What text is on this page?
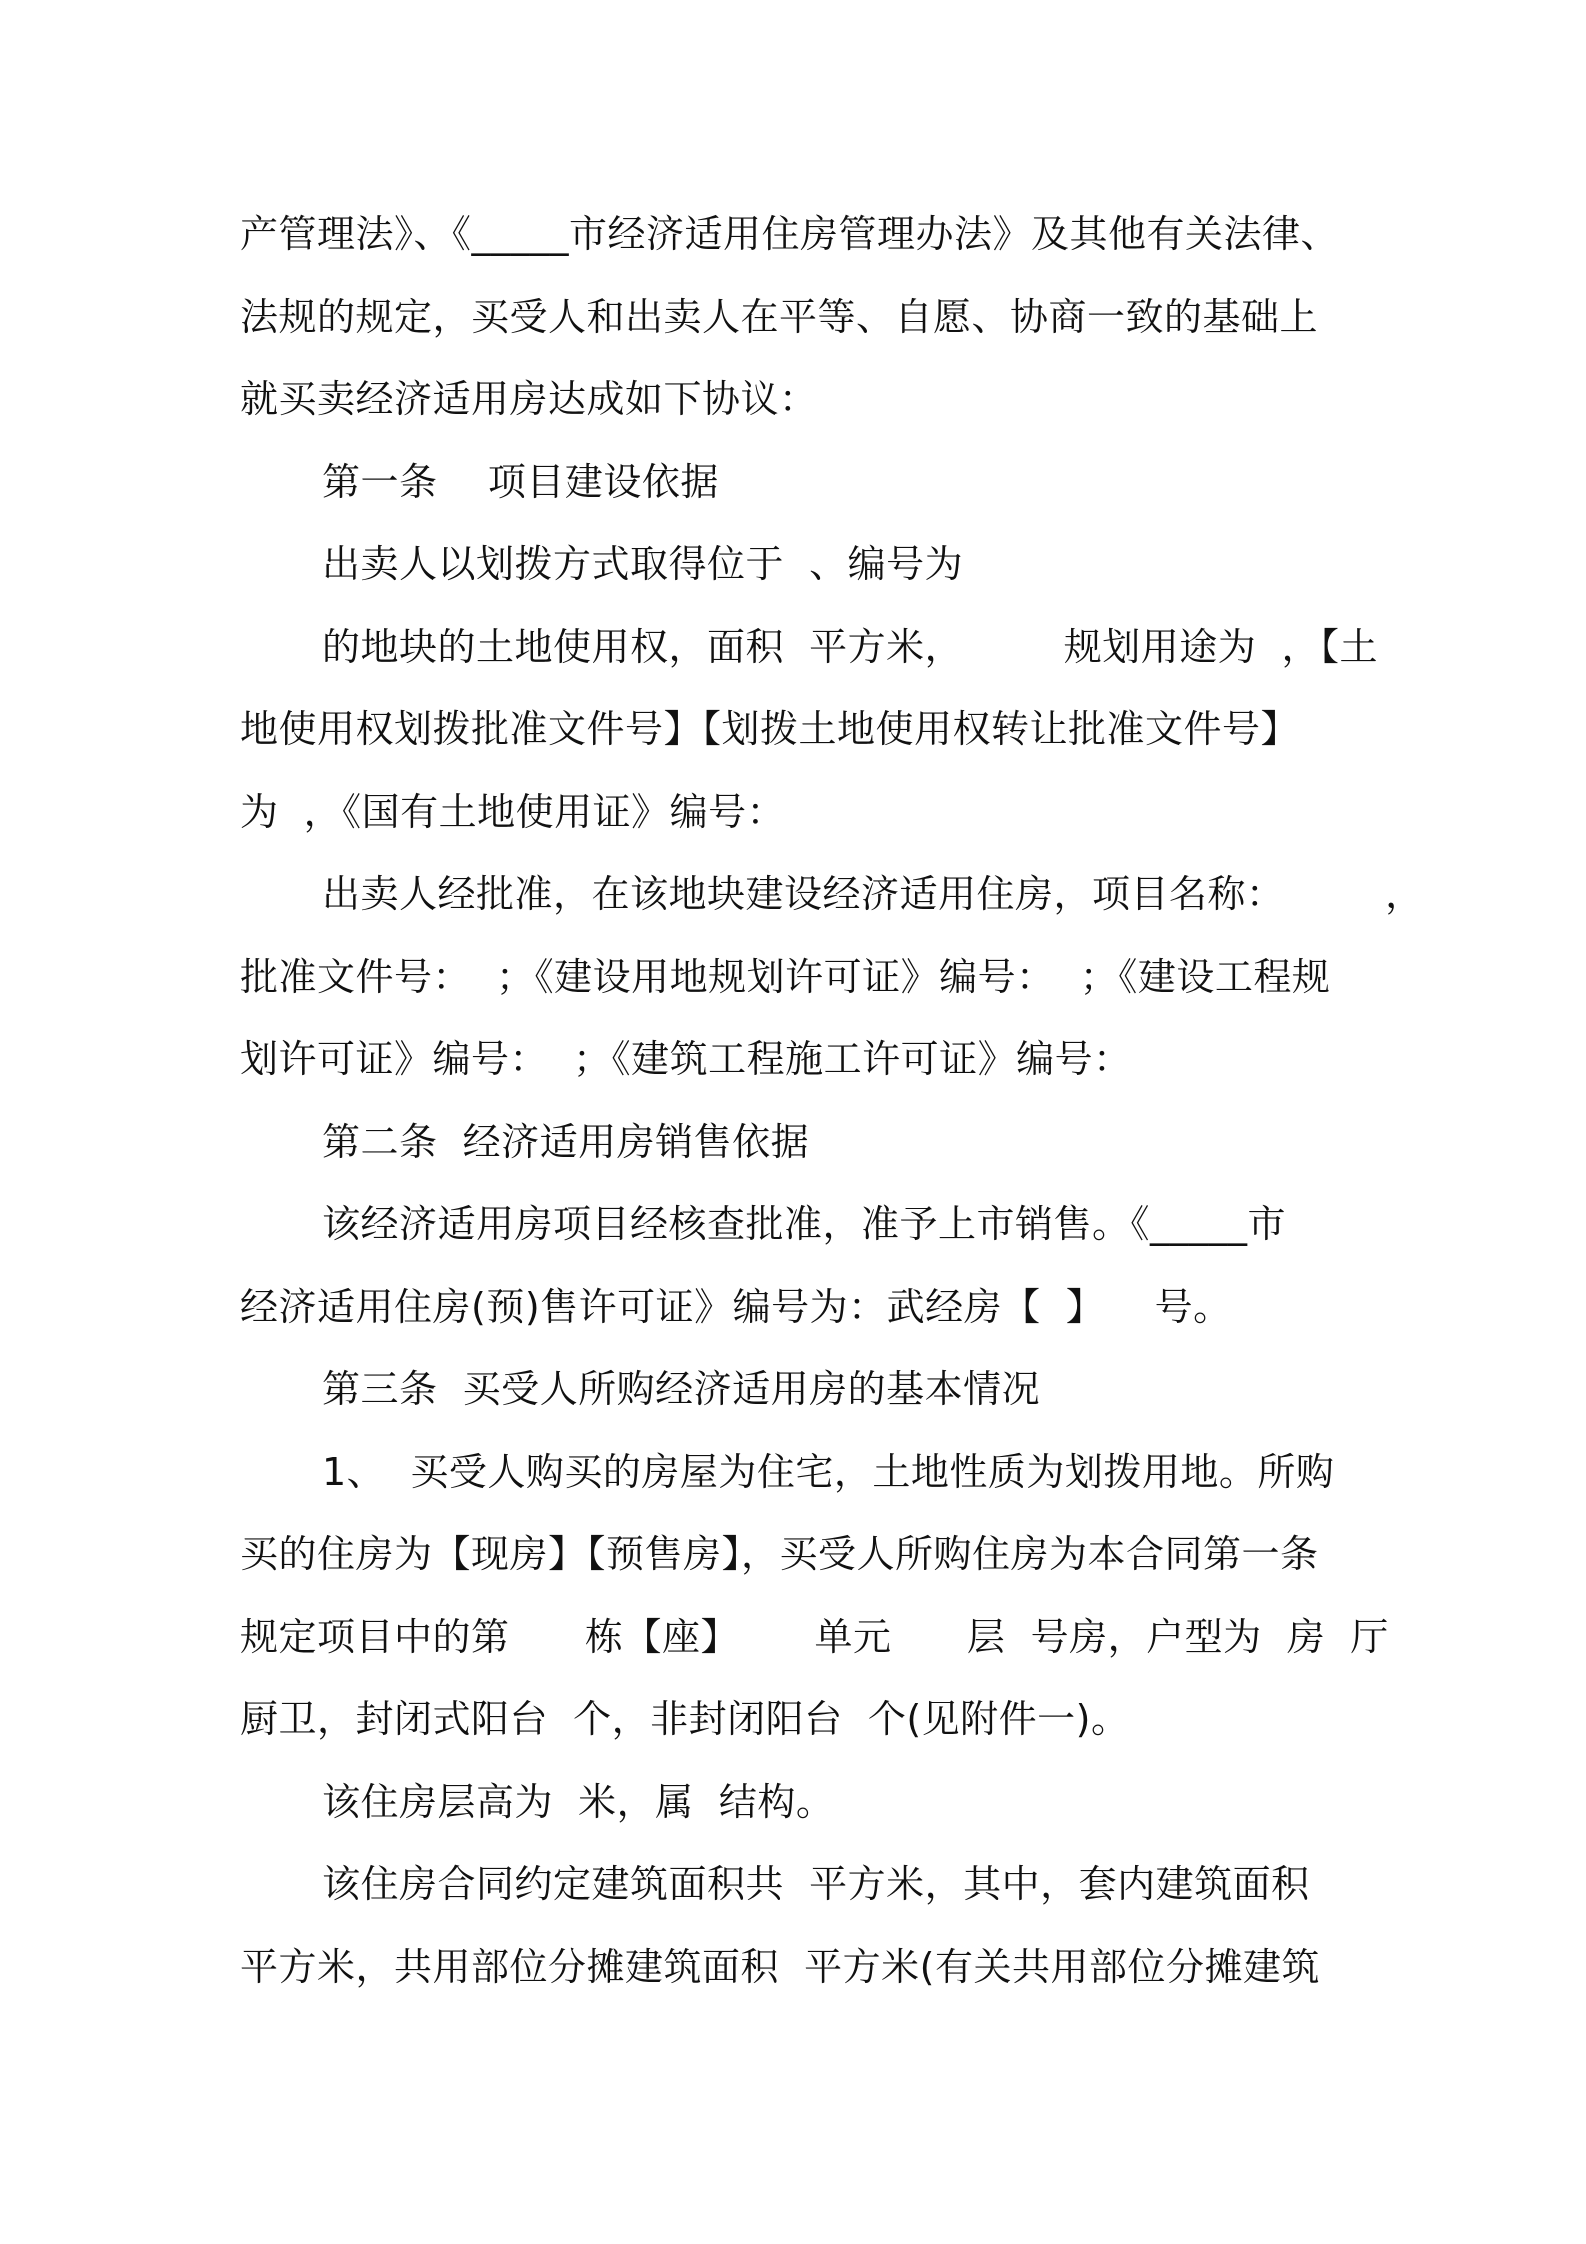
产管理法》、《_____市经济适用住房管理办法》及其他有关法律、
法规的规定，买受人和出卖人在平等、自愿、协商一致的基础上
就买卖经济适用房达成如下协议：
第一条    项目建设依据
出卖人以划拨方式取得位于  、编号为
的地块的土地使用权，面积  平方米，        规划用途为  ，【土
地使用权划拨批准文件号】【划拨土地使用权转让批准文件号】
为  ，《国有土地使用证》编号：
出卖人经批准，在该地块建设经济适用住房，项目名称：        ，
批准文件号：  ；《建设用地规划许可证》编号：  ；《建设工程规
划许可证》编号：  ；《建筑工程施工许可证》编号：
第二条  经济适用房销售依据
该经济适用房项目经核查批准，准予上市销售。《_____市
经济适用住房(预)售许可证》编号为：武经房【  】    号。
第三条  买受人所购经济适用房的基本情况
1、  买受人购买的房屋为住宅，土地性质为划拨用地。所购
买的住房为【现房】【预售房】，买受人所购住房为本合同第一条
规定项目中的第      栋【座】      单元      层  号房，户型为  房  厅
厨卫，封闭式阳台  个，非封闭阳台  个(见附件一)。
该住房层高为  米，属  结构。
该住房合同约定建筑面积共  平方米，其中，套内建筑面积
平方米，共用部位分摊建筑面积  平方米(有关共用部位分摊建筑
